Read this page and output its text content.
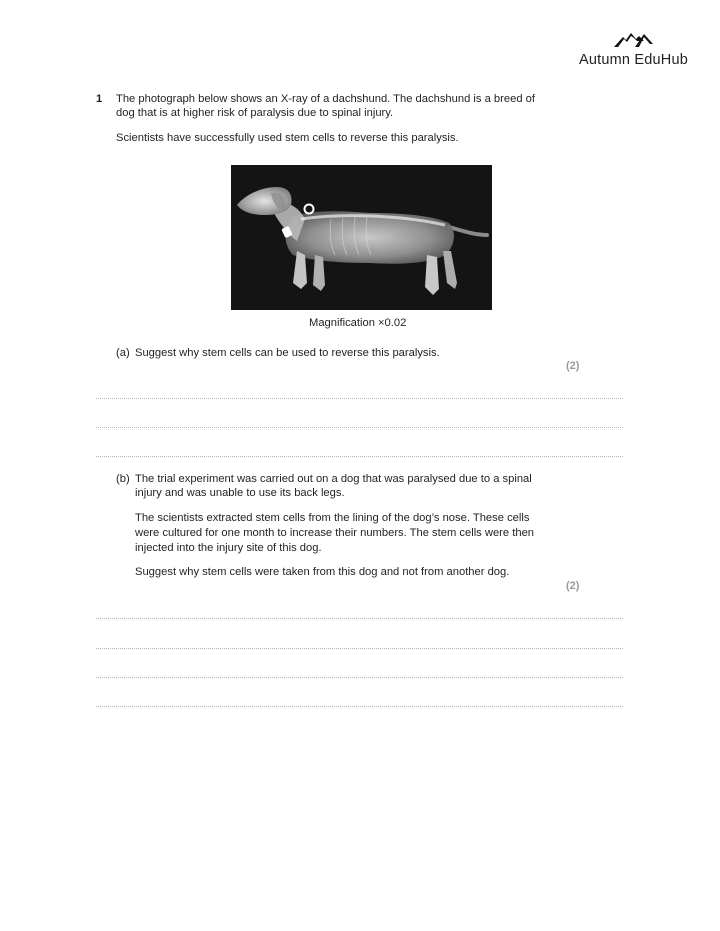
Autumn EduHub
1 The photograph below shows an X-ray of a dachshund. The dachshund is a breed of
dog that is at higher risk of paralysis due to spinal injury.
Scientists have successfully used stem cells to reverse this paralysis.
Magnification ×0.02
(a) Suggest why stem cells can be used to reverse this paralysis.
(2)
(b) The trial experiment was carried out on a dog that was paralysed due to a spinal
injury and was unable to use its back legs.
The scientists extracted stem cells from the lining of the dog’s nose. These cells
were cultured for one month to increase their numbers. The stem cells were then
injected into the injury site of this dog.
Suggest why stem cells were taken from this dog and not from another dog.
(2)
